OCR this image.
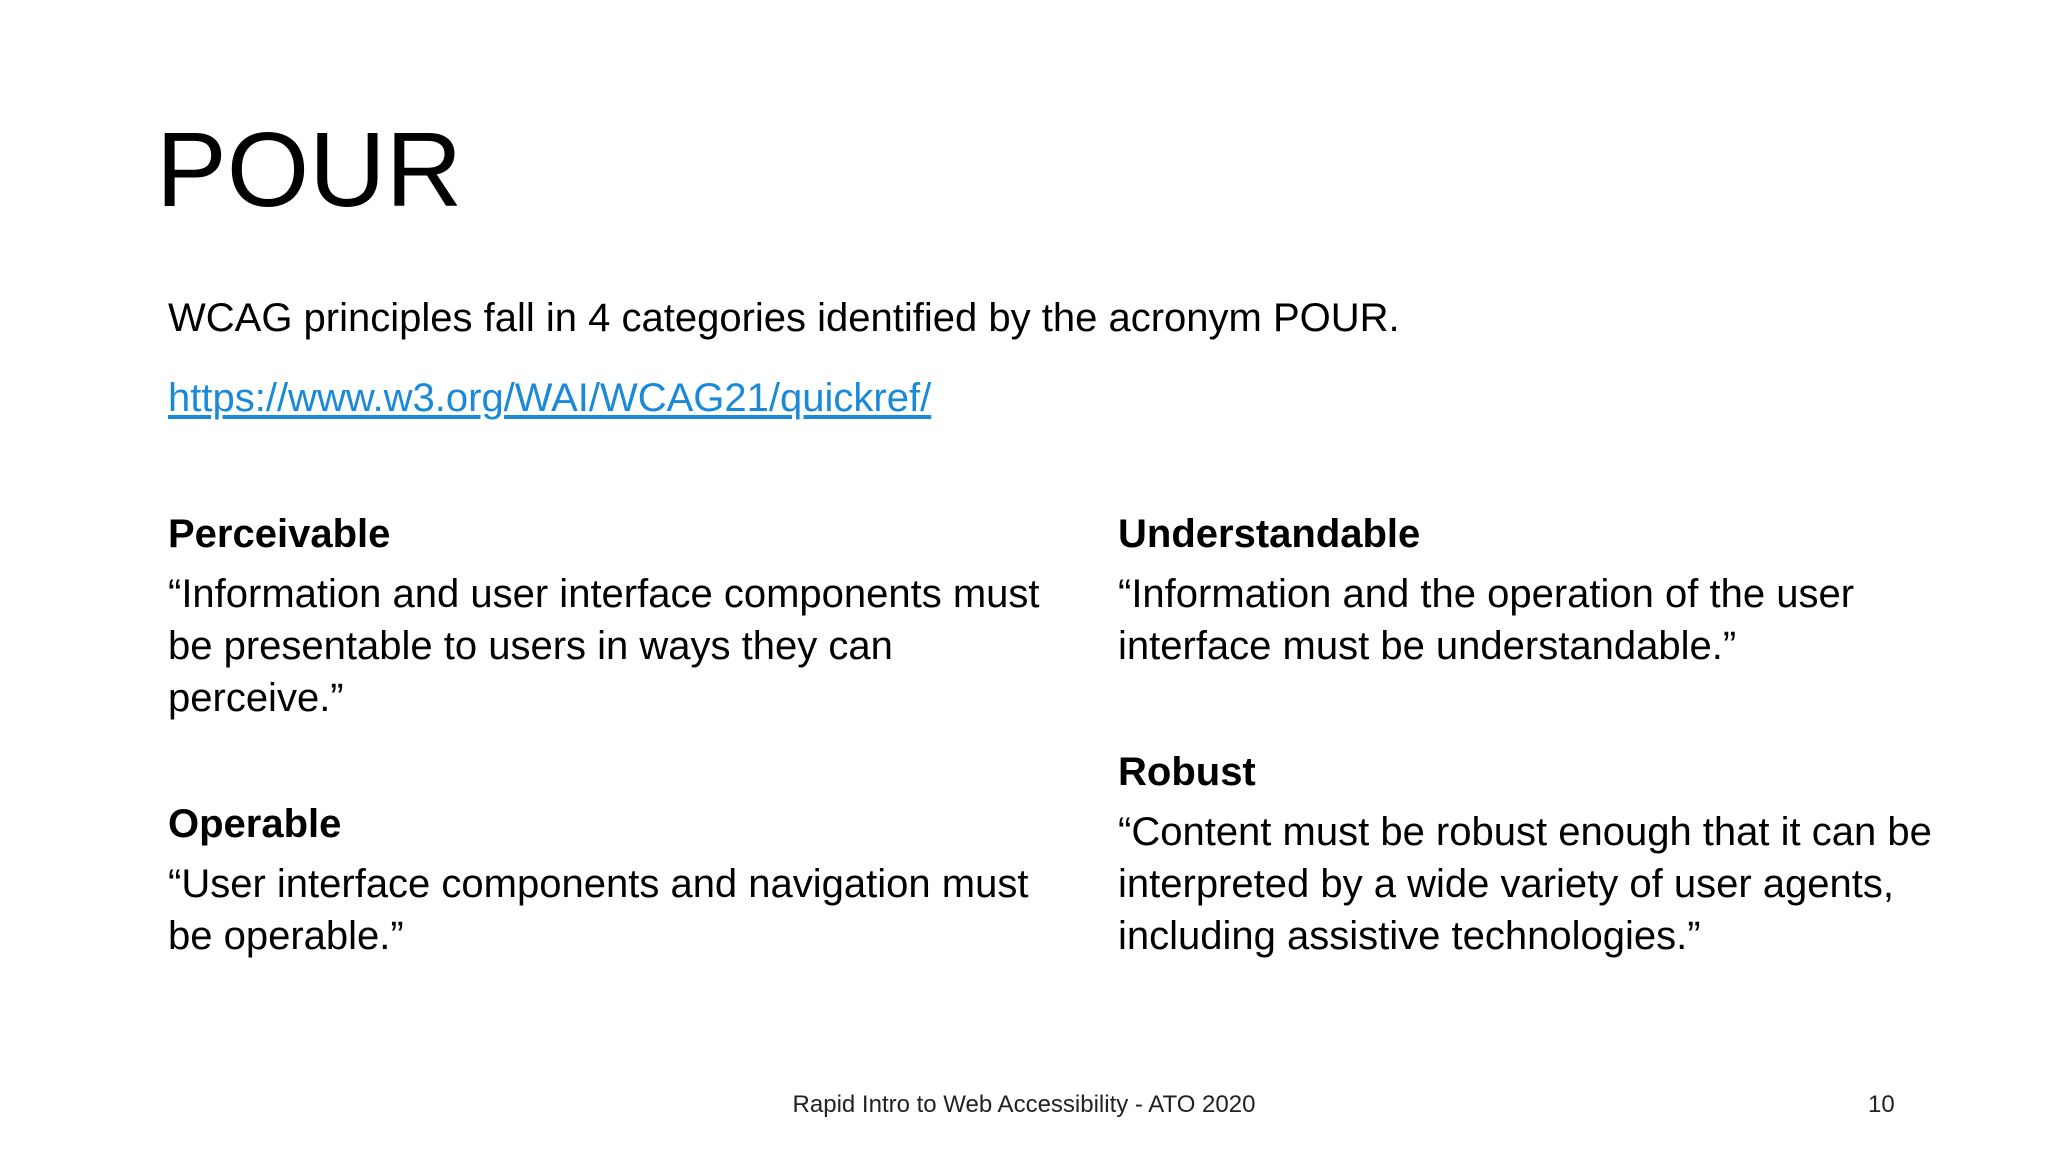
POUR

WCAG principles fall in 4 categories identified by the acronym POUR.

https://www.w3.org/WAI/WCAG21/quickref/
Perceivable

“Information and user interface components must be presentable to users in ways they can perceive.”

Operable

“User interface components and navigation must be operable.”

Understandable

“Information and the operation of the user interface must be understandable.”

Robust

“Content must be robust enough that it can be interpreted by a wide variety of user agents, including assistive technologies.”

Rapid Intro to Web Accessibility - ATO 2020	10
